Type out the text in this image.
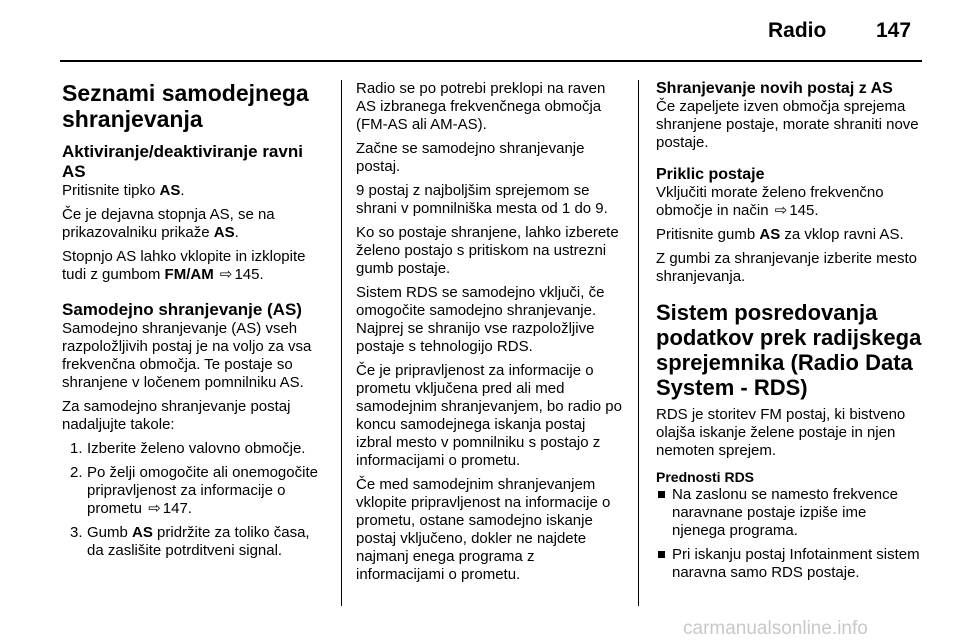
Radio 147
Seznami samodejnega shranjevanja
Aktiviranje/deaktiviranje ravni AS

Pritisnite tipko AS.

Če je dejavna stopnja AS, se na prikazovalniku prikaže AS.

Stopnjo AS lahko vklopite in izklopite tudi z gumbom FM/AM ⇨ 145.

Samodejno shranjevanje (AS)

Samodejno shranjevanje (AS) vseh razpoložljivih postaj je na voljo za vsa frekvenčna območja. Te postaje so shranjene v ločenem pomnilniku AS.

Za samodejno shranjevanje postaj nadaljujte takole:

1. Izberite želeno valovno območje.
2. Po želji omogočite ali onemogočite pripravljenost za informacije o prometu ⇨ 147.
3. Gumb AS pridržite za toliko časa, da zaslišite potrditveni signal.

Radio se po potrebi preklopi na raven AS izbranega frekvenčnega območja (FM-AS ali AM-AS).

Začne se samodejno shranjevanje postaj.

9 postaj z najboljšim sprejemom se shrani v pomnilniška mesta od 1 do 9.

Ko so postaje shranjene, lahko izberete želeno postajo s pritiskom na ustrezni gumb postaje.

Sistem RDS se samodejno vključi, če omogočite samodejno shranjevanje. Najprej se shranijo vse razpoložljive postaje s tehnologijo RDS.

Če je pripravljenost za informacije o prometu vključena pred ali med samodejnim shranjevanjem, bo radio po koncu samodejnega iskanja postaj izbral mesto v pomnilniku s postajo z informacijami o prometu.

Če med samodejnim shranjevanjem vklopite pripravljenost na informacije o prometu, ostane samodejno iskanje postaj vključeno, dokler ne najdete najmanj enega programa z informacijami o prometu.

Shranjevanje novih postaj z AS

Če zapeljete izven območja sprejema shranjene postaje, morate shraniti nove postaje.

Priklic postaje

Vključiti morate želeno frekvenčno območje in način ⇨ 145.

Pritisnite gumb AS za vklop ravni AS.

Z gumbi za shranjevanje izberite mesto shranjevanja.

Sistem posredovanja podatkov prek radijskega sprejemnika (Radio Data System - RDS)

RDS je storitev FM postaj, ki bistveno olajša iskanje želene postaje in njen nemoten sprejem.

Prednosti RDS
Na zaslonu se namesto frekvence naravnane postaje izpiše ime njenega programa.
Pri iskanju postaj Infotainment sistem naravna samo RDS postaje.
carmanualsonline.info
